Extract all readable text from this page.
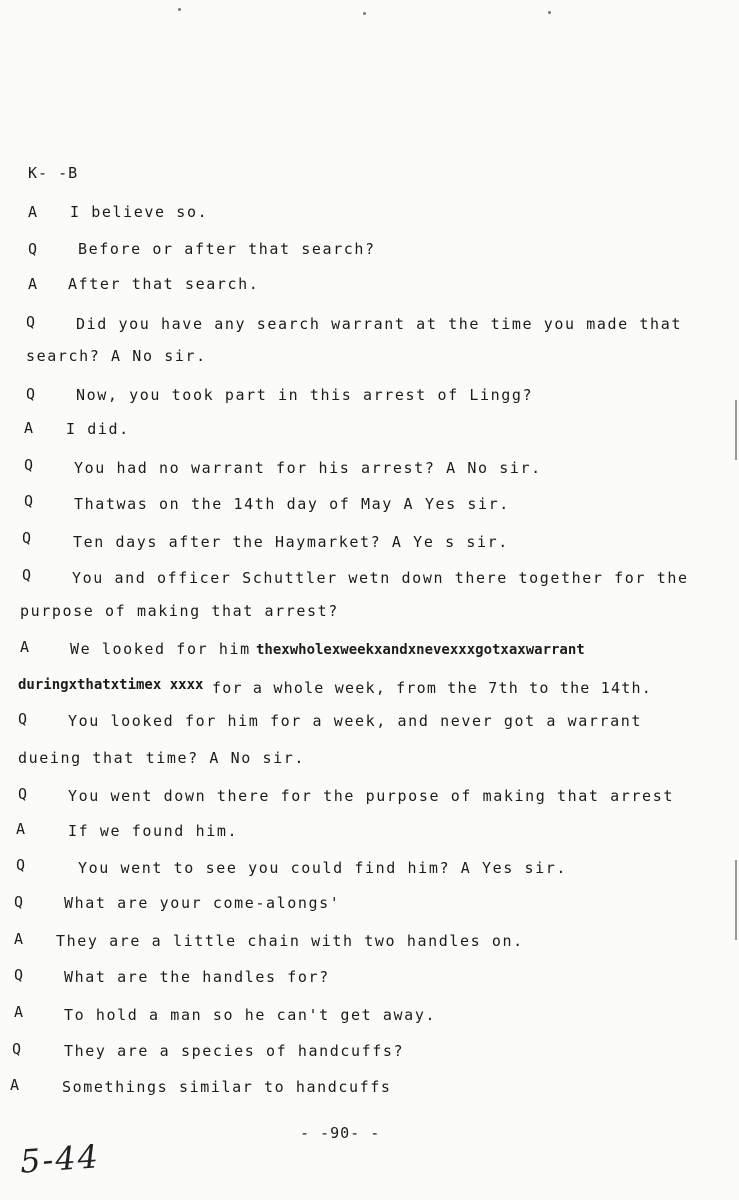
K- -B
A I believe so.
Q	Before or after that search?
A After that search.
Q	Did you have any search warrant at the time you made that
search? A No sir.
Q	Now, you took part in this arrest of Lingg?
A I did.
Q	You had no warrant for his arrest? A No sir.
Q	Thatwas on the 14th day of May A Yes sir.
Q	Ten days after the Haymarket? A Ye s sir.
Q	You and officer Schuttler wetn down there together for the
purpose of making that arrest?
A	We looked for him thexwholexweekxandxnevexxxgotxaxwarrant
duringxthatxtimex xxxx for a whole week, from the 7th to the 14th.
Q	You looked for him for a week, and never got a warrant
dueing that time? A No sir.
Q	You went down there for the purpose of making that arrest
A	If we found him.
Q	You went to see you could find him? A Yes sir.
Q	What are your come-alongs'
A They are a little chain with two handles on.
Q	What are the handles for?
A	To hold a man so he can't get away.
Q	They are a species of handcuffs?
A	Somethings similar to handcuffs
- -90- -
5-44
